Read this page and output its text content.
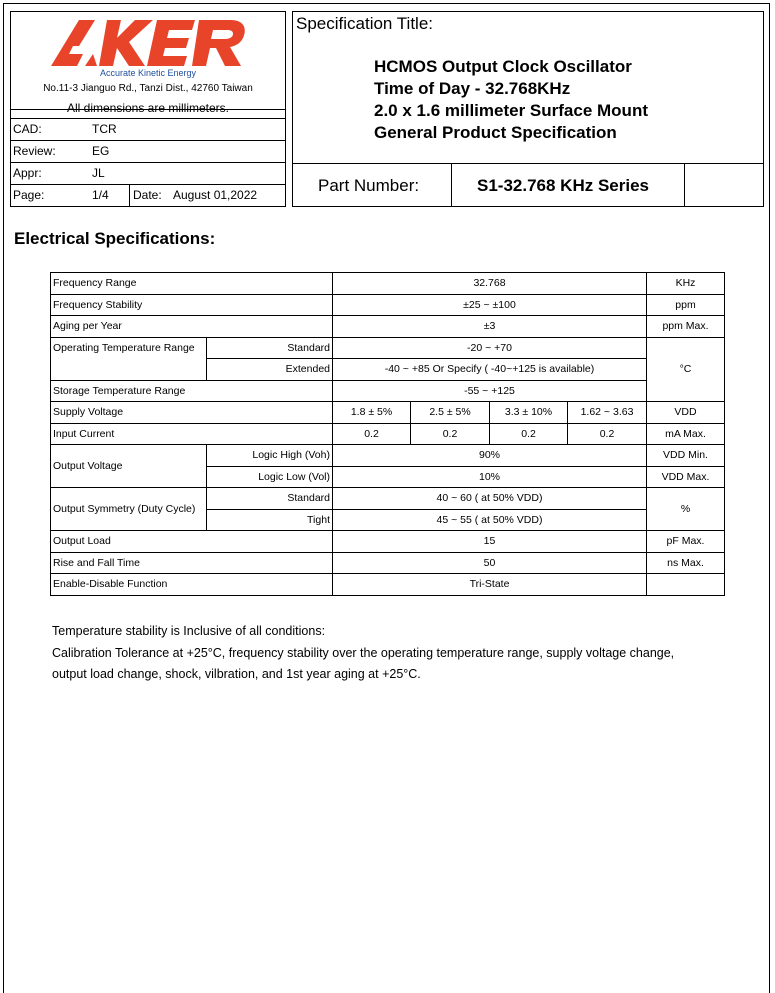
Accurate Kinetic Energy
No.11-3 Jianguo Rd., Tanzi Dist., 42760 Taiwan
All dimensions are millimeters.
CAD:	TCR
Review:	EG
Appr:	JL
Page:	1/4	Date: August 01,2022
Specification Title:
HCMOS Output Clock Oscillator
Time of Day - 32.768KHz
2.0 x 1.6 millimeter Surface Mount
General Product Specification
Part Number:	S1-32.768 KHz Series
Electrical Specifications:
Frequency Range		32.768				KHz
Frequency Stability		±25 ~ ±100				ppm
Aging per Year		±3				ppm Max.
Operating Temperature Range	Standard	-20 ~ +70				°C
	Extended	-40 ~ +85 Or Specify ( -40~+125 is available)				
Storage Temperature Range		-55 ~ +125				
Supply Voltage		1.8 ± 5%	2.5 ± 5%	3.3 ± 10%	1.62 ~ 3.63	VDD
Input Current		0.2	0.2	0.2	0.2	mA Max.
Output Voltage	Logic High (Voh)	90%				VDD Min.
	Logic Low (Vol)	10%				VDD Max.
Output Symmetry (Duty Cycle)	Standard	40 ~ 60 ( at 50% VDD)				%
	Tight	45 ~ 55 ( at 50% VDD)				
Output Load		15				pF Max.
Rise and Fall Time		50				ns Max.
Enable-Disable Function		Tri-State				
Temperature stability is Inclusive of all conditions:
Calibration Tolerance at +25°C, frequency stability over the operating temperature range, supply voltage change,
output load change, shock, vilbration, and 1st year aging at +25°C.
